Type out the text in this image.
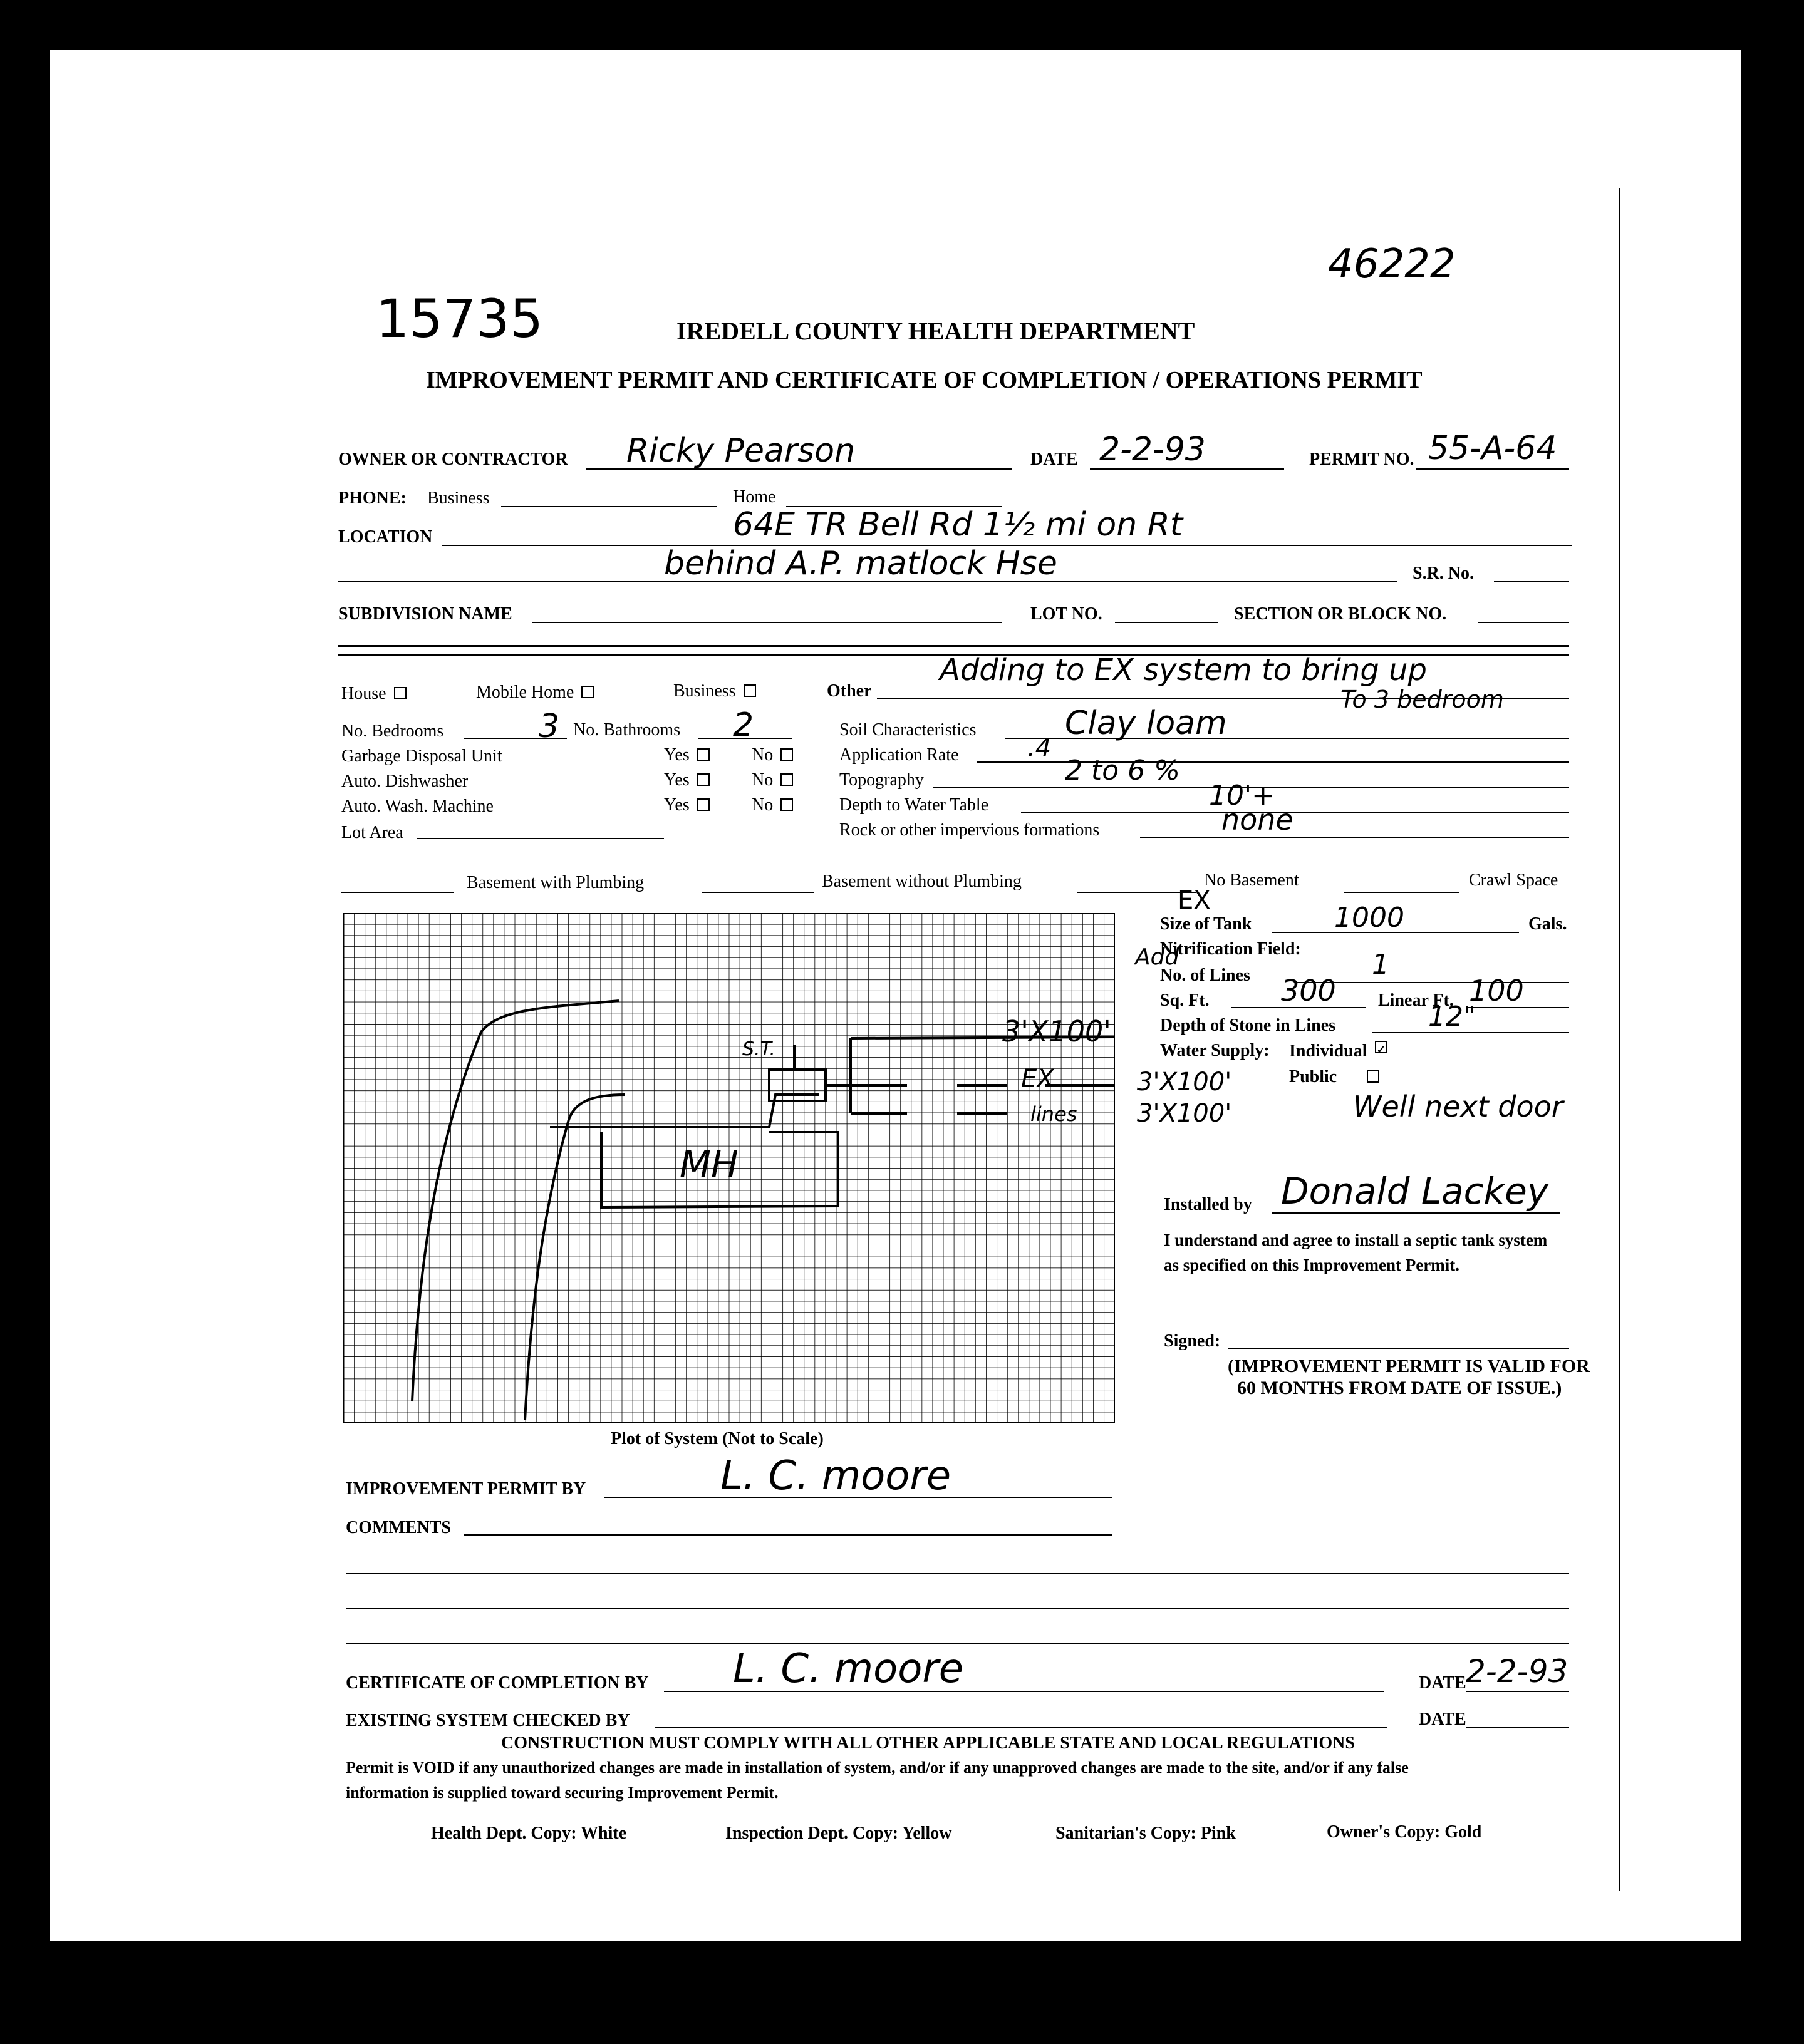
15735
46222
IREDELL COUNTY HEALTH DEPARTMENT
IMPROVEMENT PERMIT AND CERTIFICATE OF COMPLETION / OPERATIONS PERMIT
OWNER OR CONTRACTOR Ricky Pearson	DATE 2-2-93	PERMIT NO. 55-A-64
PHONE: Business	Home
LOCATION	64E TR Bell Rd 1½ mi on Rt
behind A.P. matlock Hse	S.R. No.
SUBDIVISION NAME	LOT NO.	SECTION OR BLOCK NO.
House	Mobile Home	Business	Other
Adding to EX system to bring up
To 3 bedroom
No. Bedrooms	3 No. Bathrooms 2	Soil Characteristics	Clay loam
Garbage Disposal Unit	Yes	No	Application Rate	.4
Auto. Dishwasher	Yes	No	Topography	2 to 6 %
Auto. Wash. Machine	Yes	No	Depth to Water Table	10'+
Lot Area	Rock or other impervious formations	none
Basement with Plumbing	Basement without Plumbing	No Basement	Crawl Space
MH
S.T.
3'X100'
EX	3'X100'
lines 3'X100'
Plot of System (Not to Scale)
EX
Size of Tank	1000	Gals.
Nitrification Field:
Add
No. of Lines	1
Sq. Ft. 300 Linear Ft. 100
Depth of Stone in Lines	12"
Water Supply: Individual✓
Public
Well next door
Installed by Donald Lackey
I understand and agree to install a septic tank system
as specified on this Improvement Permit.
Signed:
(IMPROVEMENT PERMIT IS VALID FOR
60 MONTHS FROM DATE OF ISSUE.)
IMPROVEMENT PERMIT BY	L. C. moore
COMMENTS
CERTIFICATE OF COMPLETION BY L. C. moore	DATE 2-2-93
EXISTING SYSTEM CHECKED BY	DATE
CONSTRUCTION MUST COMPLY WITH ALL OTHER APPLICABLE STATE AND LOCAL REGULATIONS
Permit is VOID if any unauthorized changes are made in installation of system, and/or if any unapproved changes are made to the site, and/or if any false
information is supplied toward securing Improvement Permit.
Health Dept. Copy: White	Inspection Dept. Copy: Yellow	Sanitarian's Copy: Pink	Owner's Copy: Gold
